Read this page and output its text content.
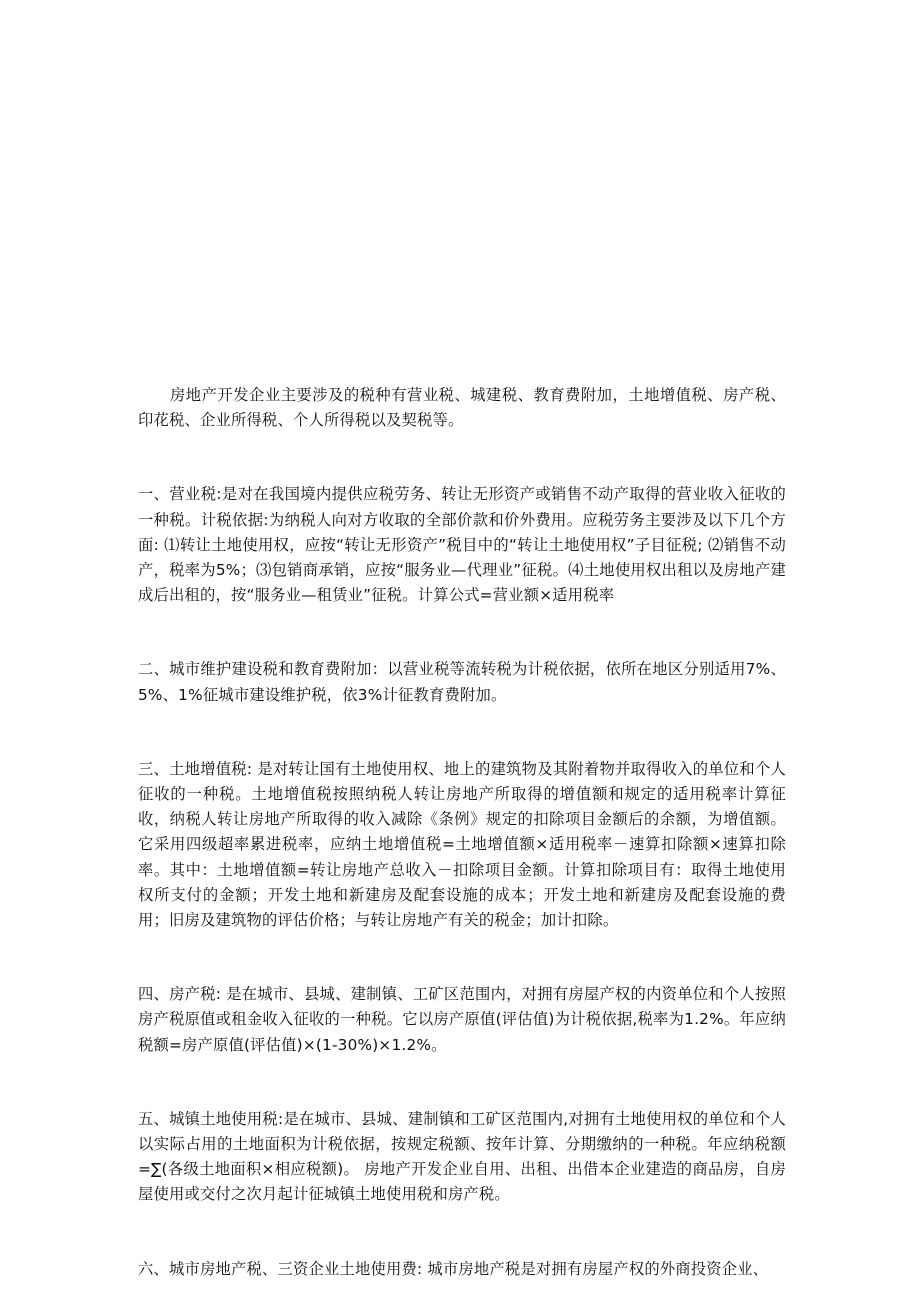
房地产开发企业主要涉及的税种有营业税、城建税、教育费附加，土地增值税、房产税、印花税、企业所得税、个人所得税以及契税等。

一、营业税:是对在我国境内提供应税劳务、转让无形资产或销售不动产取得的营业收入征收的一种税。计税依据:为纳税人向对方收取的全部价款和价外费用。应税劳务主要涉及以下几个方面: ⑴转让土地使用权，应按“转让无形资产”税目中的“转让土地使用权”子目征税; ⑵销售不动产，税率为5%；⑶包销商承销，应按“服务业—代理业”征税。⑷土地使用权出租以及房地产建成后出租的，按“服务业—租赁业”征税。计算公式=营业额×适用税率

二、城市维护建设税和教育费附加：以营业税等流转税为计税依据，依所在地区分别适用7%、5%、1%征城市建设维护税，依3%计征教育费附加。

三、土地增值税: 是对转让国有土地使用权、地上的建筑物及其附着物并取得收入的单位和个人征收的一种税。土地增值税按照纳税人转让房地产所取得的增值额和规定的适用税率计算征收，纳税人转让房地产所取得的收入减除《条例》规定的扣除项目金额后的余额，为增值额。它采用四级超率累进税率，应纳土地增值税=土地增值额×适用税率－速算扣除额×速算扣除率。其中：土地增值额=转让房地产总收入－扣除项目金额。计算扣除项目有：取得土地使用权所支付的金额；开发土地和新建房及配套设施的成本；开发土地和新建房及配套设施的费用；旧房及建筑物的评估价格；与转让房地产有关的税金；加计扣除。

四、房产税: 是在城市、县城、建制镇、工矿区范围内，对拥有房屋产权的内资单位和个人按照房产税原值或租金收入征收的一种税。它以房产原值(评估值)为计税依据,税率为1.2%。年应纳税额=房产原值(评估值)×(1-30%)×1.2%。

五、城镇土地使用税:是在城市、县城、建制镇和工矿区范围内,对拥有土地使用权的单位和个人以实际占用的土地面积为计税依据，按规定税额、按年计算、分期缴纳的一种税。年应纳税额=∑(各级土地面积×相应税额)。 房地产开发企业自用、出租、出借本企业建造的商品房，自房屋使用或交付之次月起计征城镇土地使用税和房产税。

六、城市房地产税、三资企业土地使用费: 城市房地产税是对拥有房屋产权的外商投资企业、
